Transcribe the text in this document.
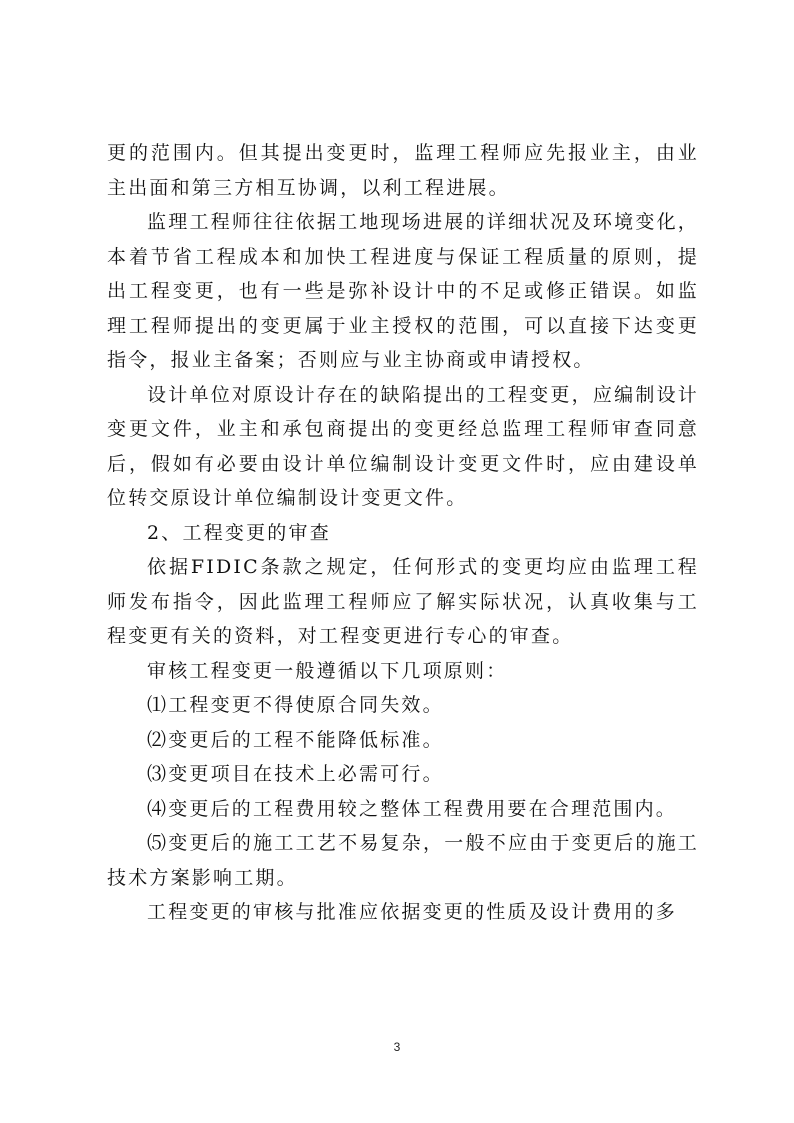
更的范围内。但其提出变更时，监理工程师应先报业主，由业主出面和第三方相互协调，以利工程进展。

监理工程师往往依据工地现场进展的详细状况及环境变化，本着节省工程成本和加快工程进度与保证工程质量的原则，提出工程变更，也有一些是弥补设计中的不足或修正错误。如监理工程师提出的变更属于业主授权的范围，可以直接下达变更指令，报业主备案；否则应与业主协商或申请授权。

设计单位对原设计存在的缺陷提出的工程变更，应编制设计变更文件，业主和承包商提出的变更经总监理工程师审查同意后，假如有必要由设计单位编制设计变更文件时，应由建设单位转交原设计单位编制设计变更文件。

2、工程变更的审查

依据FIDIC条款之规定，任何形式的变更均应由监理工程师发布指令，因此监理工程师应了解实际状况，认真收集与工程变更有关的资料，对工程变更进行专心的审查。

审核工程变更一般遵循以下几项原则：

⑴工程变更不得使原合同失效。

⑵变更后的工程不能降低标准。

⑶变更项目在技术上必需可行。

⑷变更后的工程费用较之整体工程费用要在合理范围内。

⑸变更后的施工工艺不易复杂，一般不应由于变更后的施工技术方案影响工期。

工程变更的审核与批准应依据变更的性质及设计费用的多

3
